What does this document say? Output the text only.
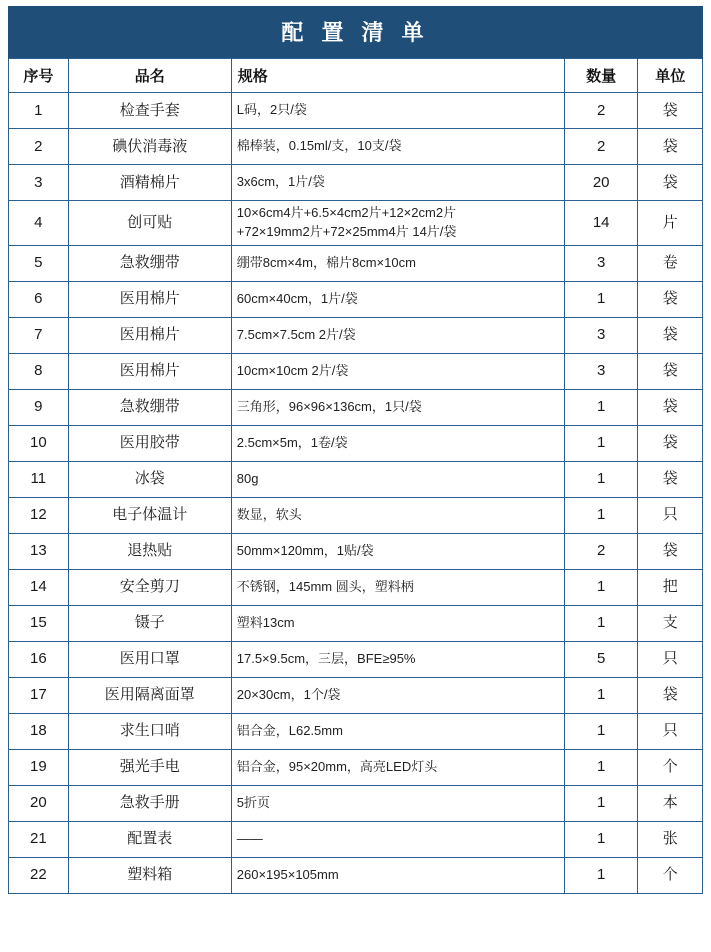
配 置 清 单
序号	品名	规格	数量	单位
1	检查手套	L码，2只/袋	2	袋
2	碘伏消毒液	棉棒装，0.15ml/支，10支/袋	2	袋
3	酒精棉片	3x6cm，1片/袋	20	袋
4	创可贴	10×6cm4片+6.5×4cm2片+12×2cm2片
+72×19mm2片+72×25mm4片 14片/袋	14	片
5	急救绷带	绷带8cm×4m，棉片8cm×10cm	3	卷
6	医用棉片	60cm×40cm，1片/袋	1	袋
7	医用棉片	7.5cm×7.5cm 2片/袋	3	袋
8	医用棉片	10cm×10cm 2片/袋	3	袋
9	急救绷带	三角形，96×96×136cm，1只/袋	1	袋
10	医用胶带	2.5cm×5m，1卷/袋	1	袋
11	冰袋	80g	1	袋
12	电子体温计	数显，软头	1	只
13	退热贴	50mm×120mm，1贴/袋	2	袋
14	安全剪刀	不锈钢，145mm 圆头，塑料柄	1	把
15	镊子	塑料13cm	1	支
16	医用口罩	17.5×9.5cm，三层，BFE≥95%	5	只
17	医用隔离面罩	20×30cm，1个/袋	1	袋
18	求生口哨	铝合金，L62.5mm	1	只
19	强光手电	铝合金，95×20mm，高亮LED灯头	1	个
20	急救手册	5折页	1	本
21	配置表	——	1	张
22	塑料箱	260×195×105mm	1	个
